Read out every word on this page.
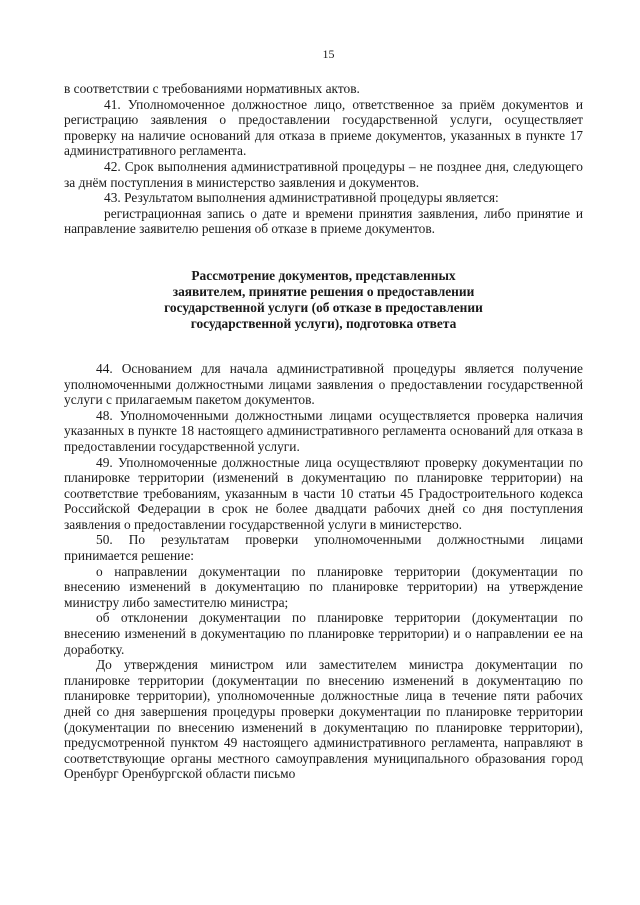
15

в соответствии с требованиями нормативных актов.

41. Уполномоченное должностное лицо, ответственное за приём документов и регистрацию заявления о предоставлении государственной услуги, осуществляет проверку на наличие оснований для отказа в приеме документов, указанных в пункте 17 административного регламента.

42. Срок выполнения административной процедуры – не позднее дня, следующего за днём поступления в министерство заявления и документов.

43. Результатом выполнения административной процедуры является:

регистрационная запись о дате и времени принятия заявления, либо принятие и направление заявителю решения об отказе в приеме документов.

Рассмотрение документов, представленных
заявителем, принятие решения о предоставлении
государственной услуги (об отказе в предоставлении
государственной услуги), подготовка ответа

44. Основанием для начала административной процедуры является получение уполномоченными должностными лицами заявления о предоставлении государственной услуги с прилагаемым пакетом документов.

48. Уполномоченными должностными лицами осуществляется проверка наличия указанных в пункте 18 настоящего административного регламента оснований для отказа в предоставлении государственной услуги.

49. Уполномоченные должностные лица осуществляют проверку документации по планировке территории (изменений в документацию по планировке территории) на соответствие требованиям, указанным в части 10 статьи 45 Градостроительного кодекса Российской Федерации в срок не более двадцати рабочих дней со дня поступления заявления о предоставлении государственной услуги в министерство.

50. По результатам проверки уполномоченными должностными лицами принимается решение:

о направлении документации по планировке территории (документации по внесению изменений в документацию по планировке территории) на утверждение министру либо заместителю министра;

об отклонении документации по планировке территории (документации по внесению изменений в документацию по планировке территории) и о направлении ее на доработку.

До утверждения министром или заместителем министра документации по планировке территории (документации по внесению изменений в документацию по планировке территории), уполномоченные должностные лица в течение пяти рабочих дней со дня завершения процедуры проверки документации по планировке территории (документации по внесению изменений в документацию по планировке территории), предусмотренной пунктом 49 настоящего административного регламента, направляют в соответствующие органы местного самоуправления муниципального образования город Оренбург Оренбургской области письмо
